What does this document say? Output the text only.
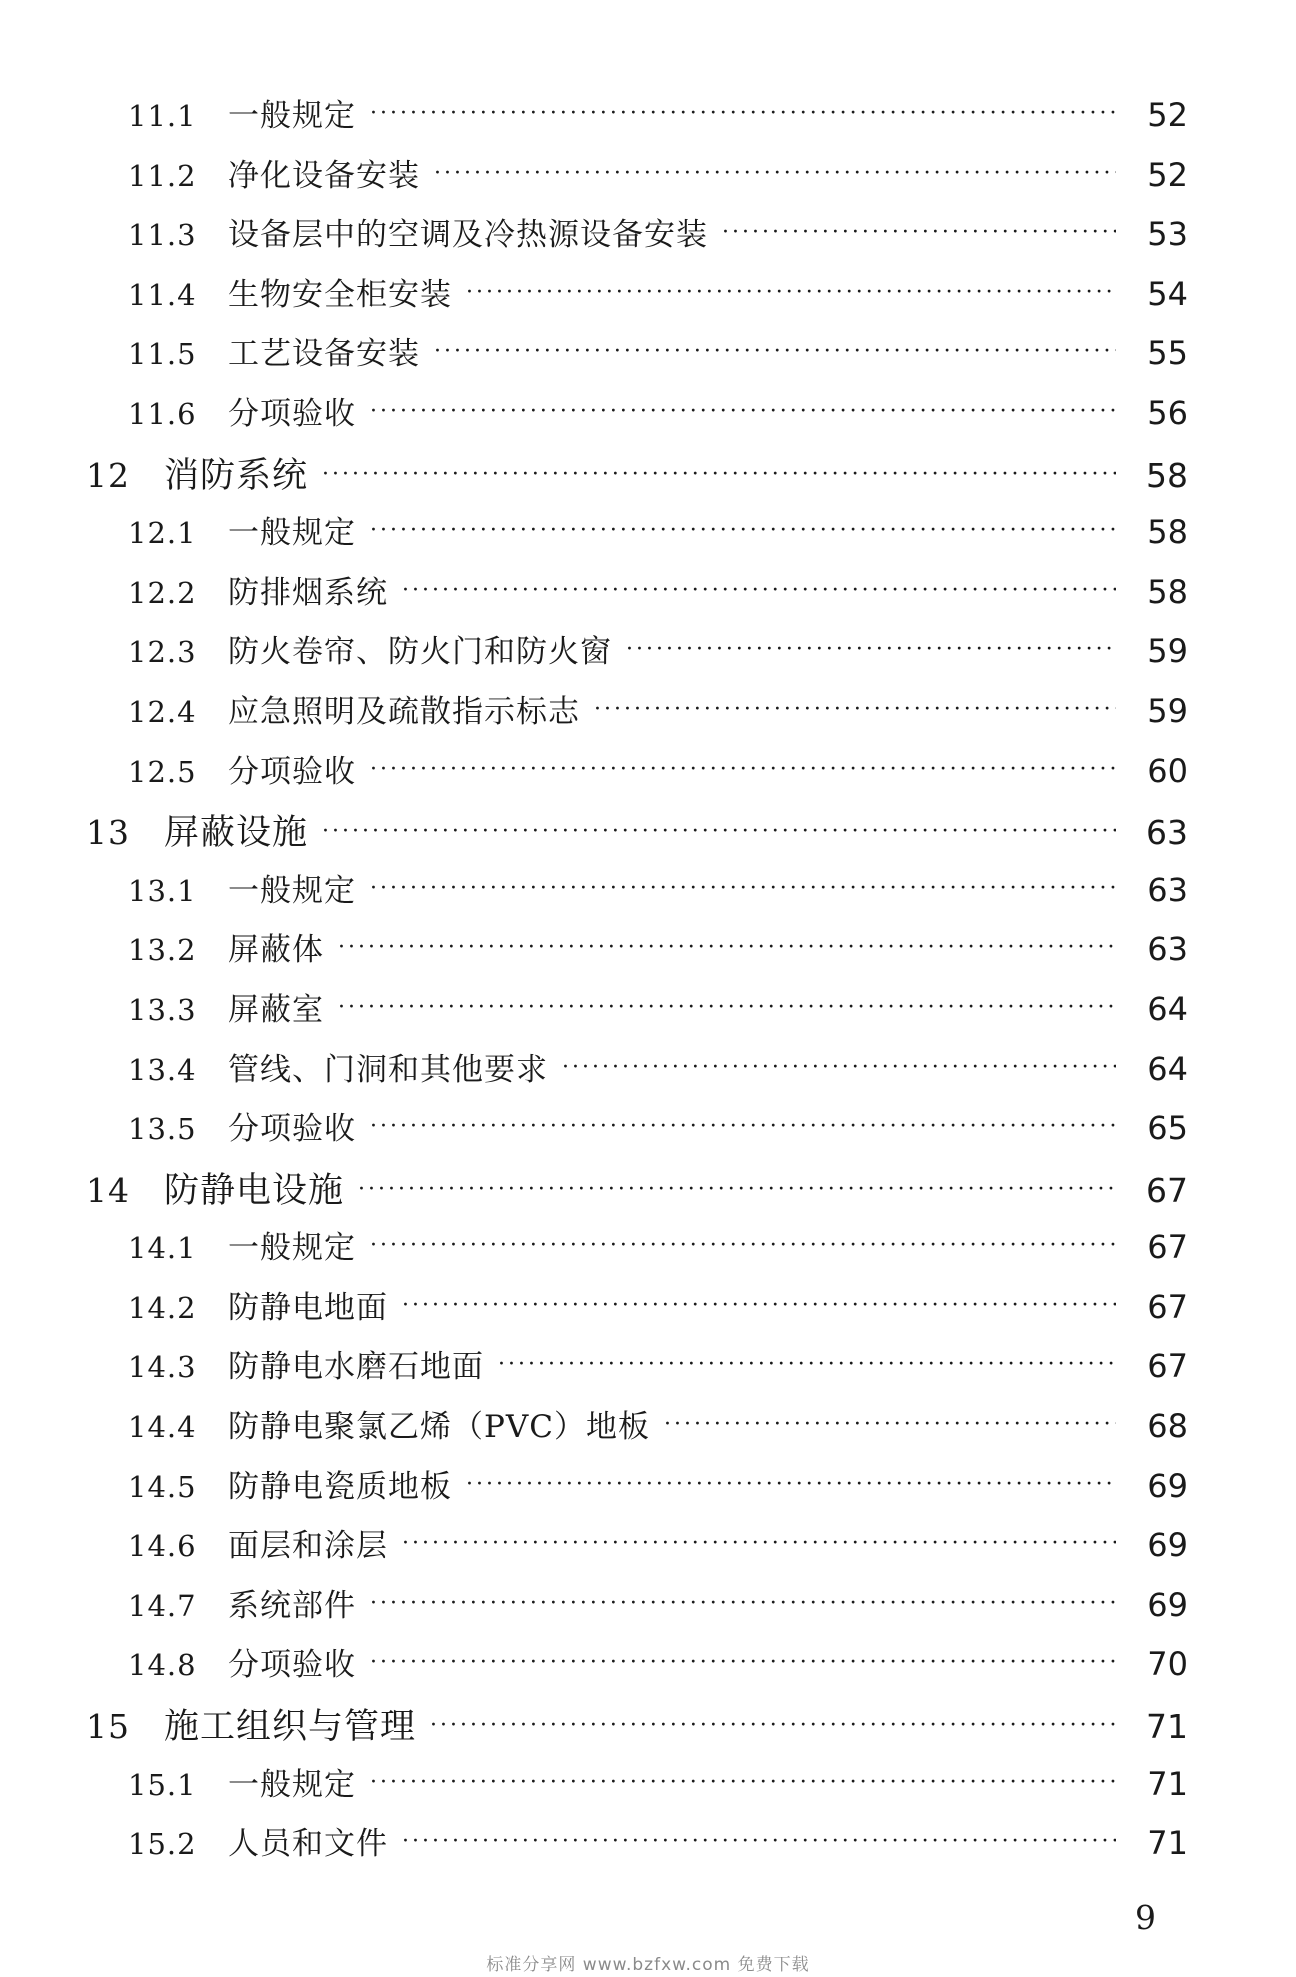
11.1	一般规定 ·····	52
11.2	净化设备安装 ·····	52
11.3	设备层中的空调及冷热源设备安装 ·····	53
11.4	生物安全柜安装 ·····	54
11.5	工艺设备安装 ·····	55
11.6	分项验收 ·····	56
12 消防系统 ·····	58
12.1	一般规定 ·····	58
12.2	防排烟系统 ·····	58
12.3	防火卷帘、防火门和防火窗 ·····	59
12.4	应急照明及疏散指示标志 ·····	59
12.5	分项验收 ·····	60
13 屏蔽设施 ·····	63
13.1	一般规定 ·····	63
13.2	屏蔽体 ·····	63
13.3	屏蔽室 ·····	64
13.4	管线、门洞和其他要求 ·····	64
13.5	分项验收 ·····	65
14 防静电设施 ·····	67
14.1	一般规定 ·····	67
14.2	防静电地面 ·····	67
14.3	防静电水磨石地面 ·····	67
14.4	防静电聚氯乙烯（PVC）地板 ·····	68
14.5	防静电瓷质地板 ·····	69
14.6	面层和涂层 ·····	69
14.7	系统部件 ·····	69
14.8	分项验收 ·····	70
15 施工组织与管理 ·····	71
15.1	一般规定 ·····	71
15.2	人员和文件 ·····	71
9
标准分享网 www.bzfxw.com 免费下载
